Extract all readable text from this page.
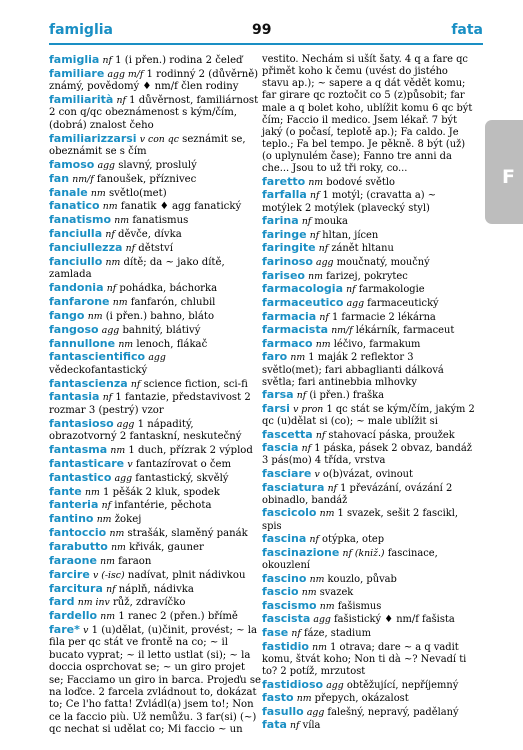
famiglia	99	fata
F
famiglia nf 1 (i přen.) rodina 2 čeleď
familiare agg m/f 1 rodinný 2 (důvěrně) známý, povědomý ♦ nm/f člen rodiny
familiarità nf 1 důvěrnost, familiárnost 2 con q/qc obeznámenost s kým/čím, (dobrá) znalost čeho
familiarizzarsi v con qc seznámit se, obeznámit se s čím
famoso agg slavný, proslulý
fan nm/f fanoušek, příznivec
fanale nm světlo(met)
fanatico nm fanatik ♦ agg fanatický
fanatismo nm fanatismus
fanciulla nf děvče, dívka
fanciullezza nf dětství
fanciullo nm dítě; da ~ jako dítě, zamlada
fandonia nf pohádka, báchorka
fanfarone nm fanfarón, chlubil
fango nm (i přen.) bahno, bláto
fangoso agg bahnitý, blátivý
fannullone nm lenoch, flákač
fantascientifico agg vědeckofantastický
fantascienza nf science fiction, sci-fi
fantasia nf 1 fantazie, představivost 2 rozmar 3 (pestrý) vzor
fantasioso agg 1 nápaditý, obrazotvorný 2 fantaskní, neskutečný
fantasma nm 1 duch, přízrak 2 výplod
fantasticare v fantazírovat o čem
fantastico agg fantastický, skvělý
fante nm 1 pěšák 2 kluk, spodek
fanteria nf infantérie, pěchota
fantino nm žokej
fantoccio nm strašák, slaměný panák
farabutto nm křivák, gauner
faraone nm faraon
farcire v (-isc) nadívat, plnit nádivkou
farcitura nf náplň, nádivka
fard nm inv růž, zdravíčko
fardello nm 1 ranec 2 (přen.) břímě
fare* v 1 (u)dělat, (u)činit, provést; ~ la fila per qc stát ve frontě na co; ~ il bucato vyprat; ~ il letto ustlat (si); ~ la doccia osprchovat se; ~ un giro projet se; Facciamo un giro in barca. Projeďu se na loďce. 2 farcela zvládnout to, dokázat to; Ce l'ho fatta! Zvládl(a) jsem to!; Non ce la faccio più. Už nemůžu. 3 far(si) (~) qc nechat si udělat co; Mi faccio ~ un
vestito. Nechám si ušít šaty. 4 q a fare qc přimět koho k čemu (uvést do jistého stavu ap.); ~ sapere a q dát vědět komu; far girare qc roztočit co 5 (z)působit; far male a q bolet koho, ublížit komu 6 qc být čím; Faccio il medico. Jsem lékař. 7 být jaký (o počasí, teplotě ap.); Fa caldo. Je teplo.; Fa bel tempo. Je pěkně. 8 být (už) (o uplynulém čase); Fanno tre anni da che... Jsou to už tři roky, co...
faretto nm bodové světlo
farfalla nf 1 motýl; (cravatta a) ~ motýlek 2 motýlek (plavecký styl)
farina nf mouka
faringe nf hltan, jícen
faringite nf zánět hltanu
farinoso agg moučnatý, moučný
fariseo nm farizej, pokrytec
farmacologia nf farmakologie
farmaceutico agg farmaceutický
farmacia nf 1 farmacie 2 lékárna
farmacista nm/f lékárník, farmaceut
farmaco nm léčivo, farmakum
faro nm 1 maják 2 reflektor 3 světlo(met); fari abbaglianti dálková světla; fari antinebbia mlhovky
farsa nf (i přen.) fraška
farsi v pron 1 qc stát se kým/čím, jakým 2 qc (u)dělat si (co); ~ male ublížit si
fascetta nf stahovací páska, proužek
fascia nf 1 páska, pásek 2 obvaz, bandáž 3 pás(mo) 4 třída, vrstva
fasciare v o(b)vázat, ovinout
fasciatura nf 1 převázání, ovázání 2 obinadlo, bandáž
fascicolo nm 1 svazek, sešit 2 fascikl, spis
fascina nf otýpka, otep
fascinazione nf (kniž.) fascinace, okouzlení
fascino nm kouzlo, půvab
fascio nm svazek
fascismo nm fašismus
fascista agg fašistický ♦ nm/f fašista
fase nf fáze, stadium
fastidio nm 1 otrava; dare ~ a q vadit komu, štvát koho; Non ti dà ~? Nevadí ti to? 2 potíž, mrzutost
fastidioso agg obtěžující, nepříjemný
fasto nm přepych, okázalost
fasullo agg falešný, nepravý, padělaný
fata nf víla
